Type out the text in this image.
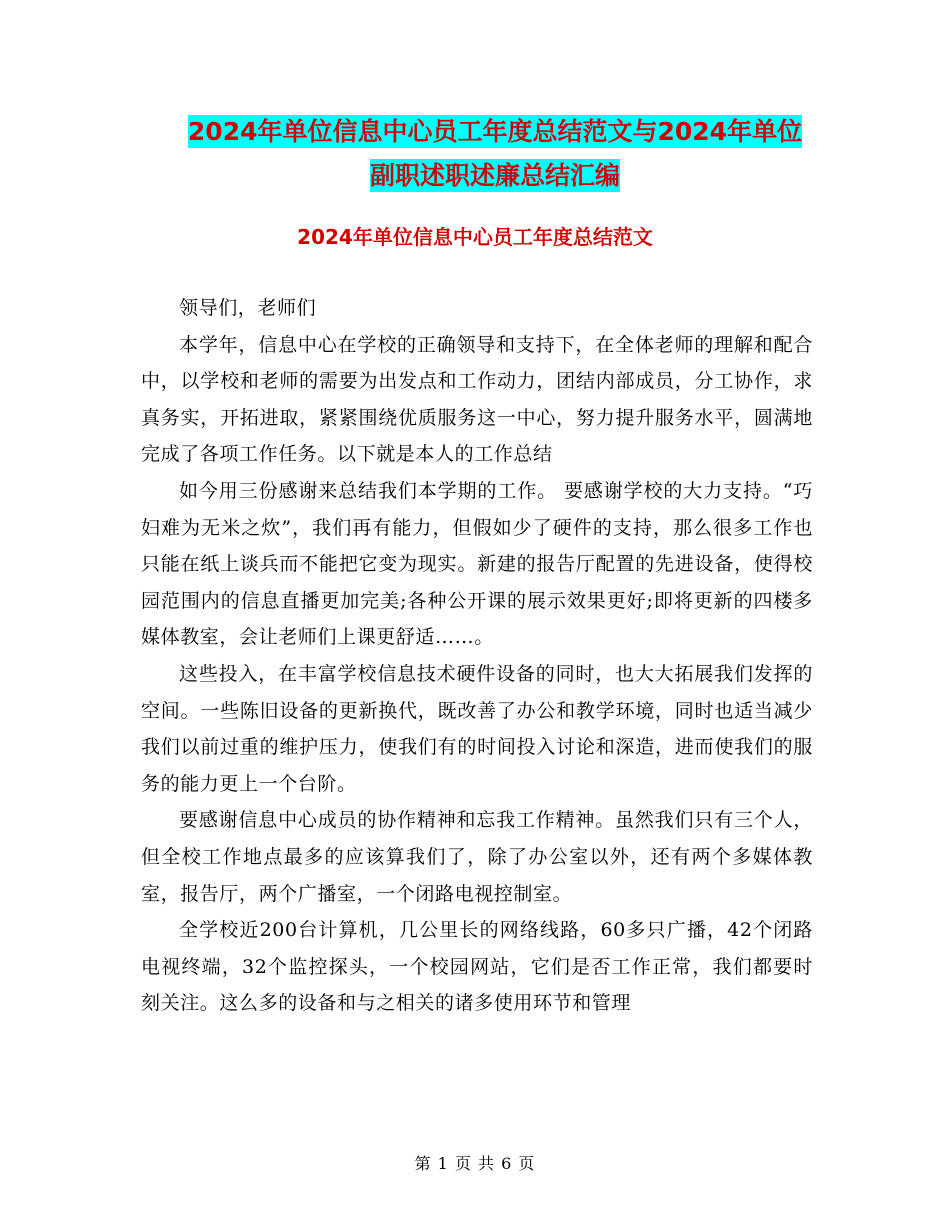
2024年单位信息中心员工年度总结范文与2024年单位
副职述职述廉总结汇编
2024年单位信息中心员工年度总结范文

领导们，老师们

本学年，信息中心在学校的正确领导和支持下，在全体老师的理解和配合中，以学校和老师的需要为出发点和工作动力，团结内部成员，分工协作，求真务实，开拓进取，紧紧围绕优质服务这一中心，努力提升服务水平，圆满地完成了各项工作任务。以下就是本人的工作总结

如今用三份感谢来总结我们本学期的工作。 要感谢学校的大力支持。“巧妇难为无米之炊”，我们再有能力，但假如少了硬件的支持，那么很多工作也只能在纸上谈兵而不能把它变为现实。新建的报告厅配置的先进设备，使得校园范围内的信息直播更加完美;各种公开课的展示效果更好;即将更新的四楼多媒体教室，会让老师们上课更舒适……。

这些投入，在丰富学校信息技术硬件设备的同时，也大大拓展我们发挥的空间。一些陈旧设备的更新换代，既改善了办公和教学环境，同时也适当减少我们以前过重的维护压力，使我们有的时间投入讨论和深造，进而使我们的服务的能力更上一个台阶。

要感谢信息中心成员的协作精神和忘我工作精神。虽然我们只有三个人，但全校工作地点最多的应该算我们了，除了办公室以外，还有两个多媒体教室，报告厅，两个广播室，一个闭路电视控制室。

全学校近200台计算机，几公里长的网络线路，60多只广播，42个闭路电视终端，32个监控探头，一个校园网站，它们是否工作正常，我们都要时刻关注。这么多的设备和与之相关的诸多使用环节和管理

第 1 页 共 6 页
